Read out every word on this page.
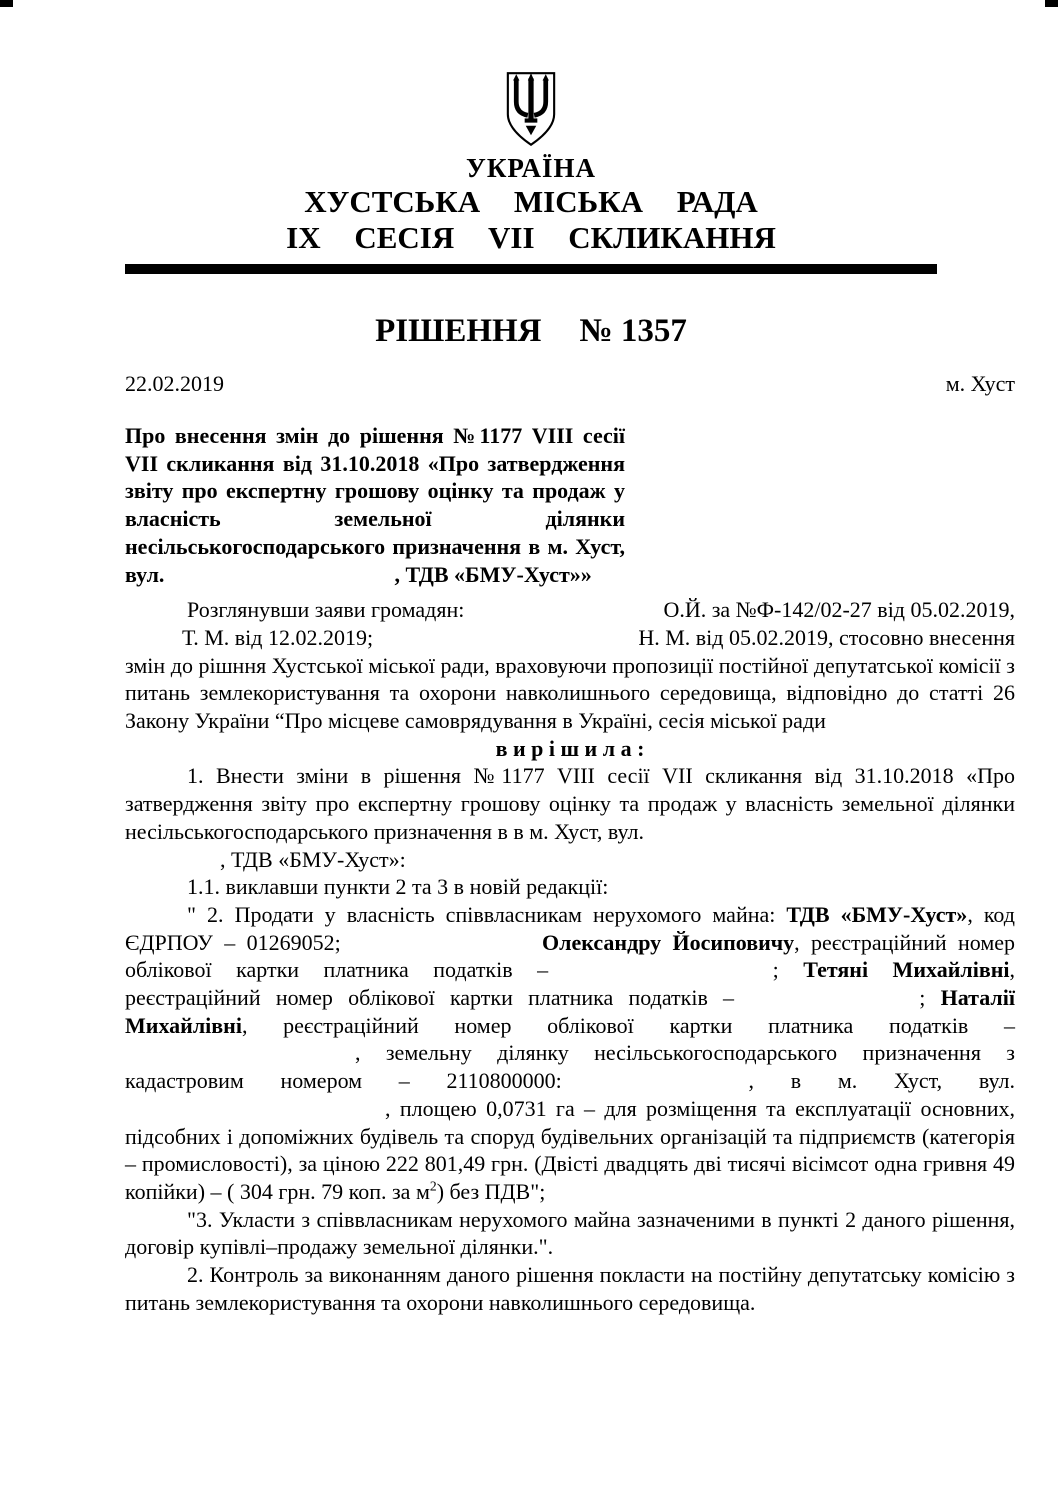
УКРАЇНА
ХУСТСЬКА МІСЬКА РАДА
IX СЕСІЯ VII СКЛИКАННЯ
РІШЕННЯ № 1357
22.02.2019	м. Хуст
Про внесення змін до рішення №1177 VIII сесії VII скликання від 31.10.2018 «Про затвердження звіту про експертну грошову оцінку та продаж у власність земельної ділянки несільськогосподарського призначення в м. Хуст, вул.	, ТДВ «БМУ-Хуст»»
Розглянувши заяви громадян:	О.Й. за №Ф-142/02-27 від 05.02.2019,
Т. М. від 12.02.2019;	Н. М. від 05.02.2019, стосовно внесення

змін до рішння Хустської міської ради, враховуючи пропозиції постійної депутатської комісії з питань землекористування та охорони навколишнього середовища, відповідно до статті 26 Закону України “Про місцеве самоврядування в Україні, сесія міської ради

в и р і ш и л а :

1. Внести зміни в рішення №1177 VIII сесії VII скликання від 31.10.2018 «Про затвердження звіту про експертну грошову оцінку та продаж у власність земельної ділянки несільськогосподарського призначення в в м. Хуст, вул.

, ТДВ «БМУ-Хуст»:

1.1. виклавши пункти 2 та 3 в новій редакції:

" 2. Продати у власність співвласникам нерухомого майна: ТДВ «БМУ-Хуст», код ЄДРПОУ – 01269052;	Олександру Йосиповичу, реєстраційний номер облікової картки платника податків –	; Тетяні Михайлівні, реєстраційний номер облікової картки платника податків –	; Наталії Михайлівні, реєстраційний номер облікової картки платника податків – , земельну ділянку несільськогосподарського призначення з кадастровим номером – 2110800000:	, в м. Хуст, вул. , площею 0,0731 га – для розміщення та експлуатації основних, підсобних і допоміжних будівель та споруд будівельних організацій та підприємств (категорія – промисловості), за ціною 222 801,49 грн. (Двісті двадцять дві тисячі вісімсот одна гривня 49 копійки) – ( 304 грн. 79 коп. за $м^2$) без ПДВ";

"3. Укласти з співвласникам нерухомого майна зазначеними в пункті 2 даного рішення, договір купівлі–продажу земельної ділянки.".

2. Контроль за виконанням даного рішення покласти на постійну депутатську комісію з питань землекористування та охорони навколишнього середовища.
